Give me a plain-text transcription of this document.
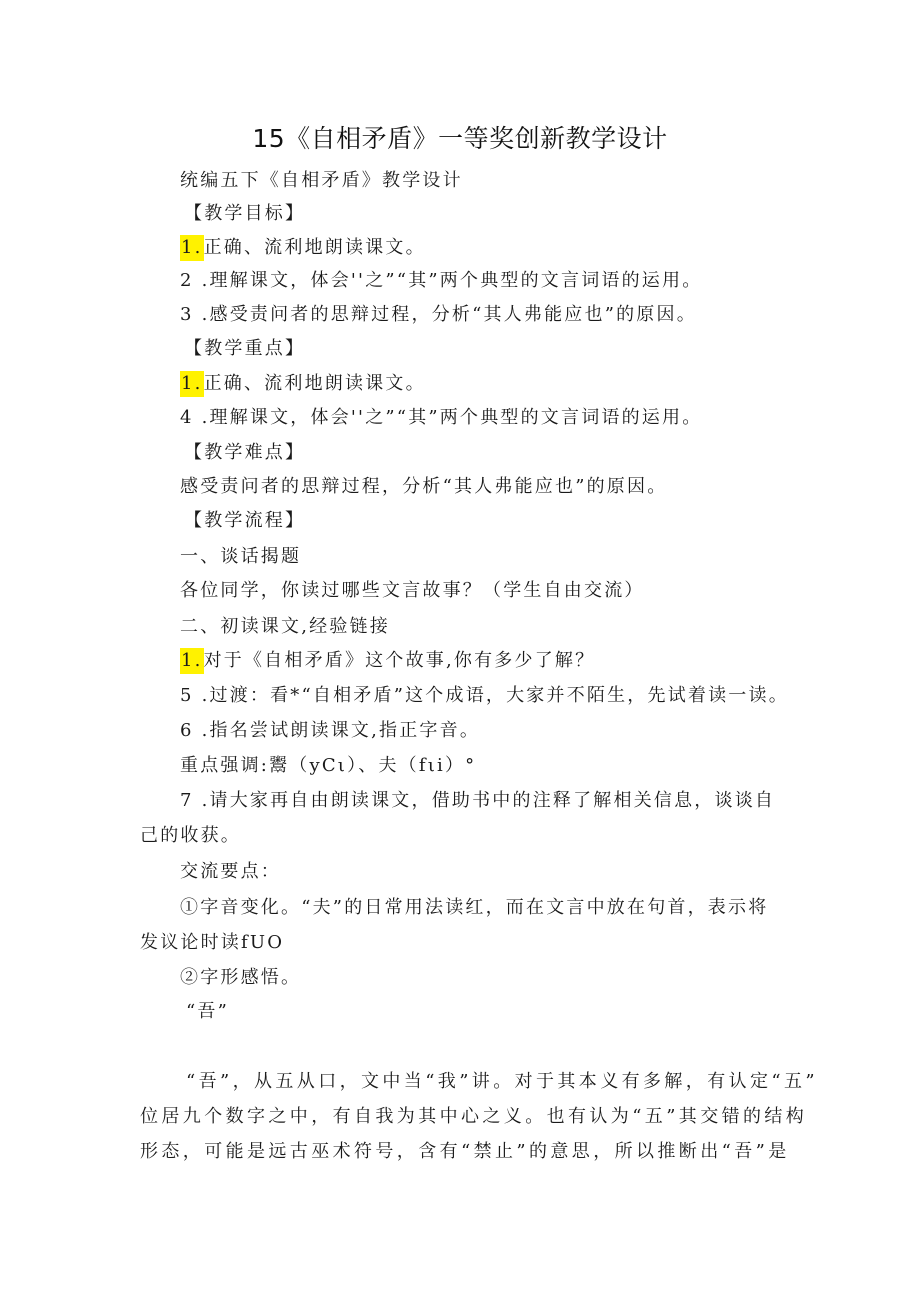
15《自相矛盾》一等奖创新教学设计
统编五下《自相矛盾》教学设计
【教学目标】
1.正确、流利地朗读课文。
2 .理解课文，体会''之”“其”两个典型的文言词语的运用。
3 .感受责问者的思辩过程，分析“其人弗能应也”的原因。
【教学重点】
1.正确、流利地朗读课文。
4 .理解课文，体会''之”“其”两个典型的文言词语的运用。
【教学难点】
感受责问者的思辩过程，分析“其人弗能应也”的原因。
【教学流程】
一、谈话揭题
各位同学，你读过哪些文言故事？（学生自由交流）
二、初读课文,经验链接
1.对于《自相矛盾》这个故事,你有多少了解？
5 .过渡：看*“自相矛盾”这个成语，大家并不陌生，先试着读一读。
6 .指名尝试朗读课文,指正字音。
重点强调:鬻（yCι）、夫（fιi）°
7 .请大家再自由朗读课文，借助书中的注释了解相关信息，谈谈自
己的收获。
交流要点：
①字音变化。“夫”的日常用法读红，而在文言中放在句首，表示将
发议论时读fUO
②字形感悟。
“吾”
“吾”，从五从口，文中当“我”讲。对于其本义有多解，有认定“五”
位居九个数字之中，有自我为其中心之义。也有认为“五”其交错的结构
形态，可能是远古巫术符号，含有“禁止”的意思，所以推断出“吾”是
